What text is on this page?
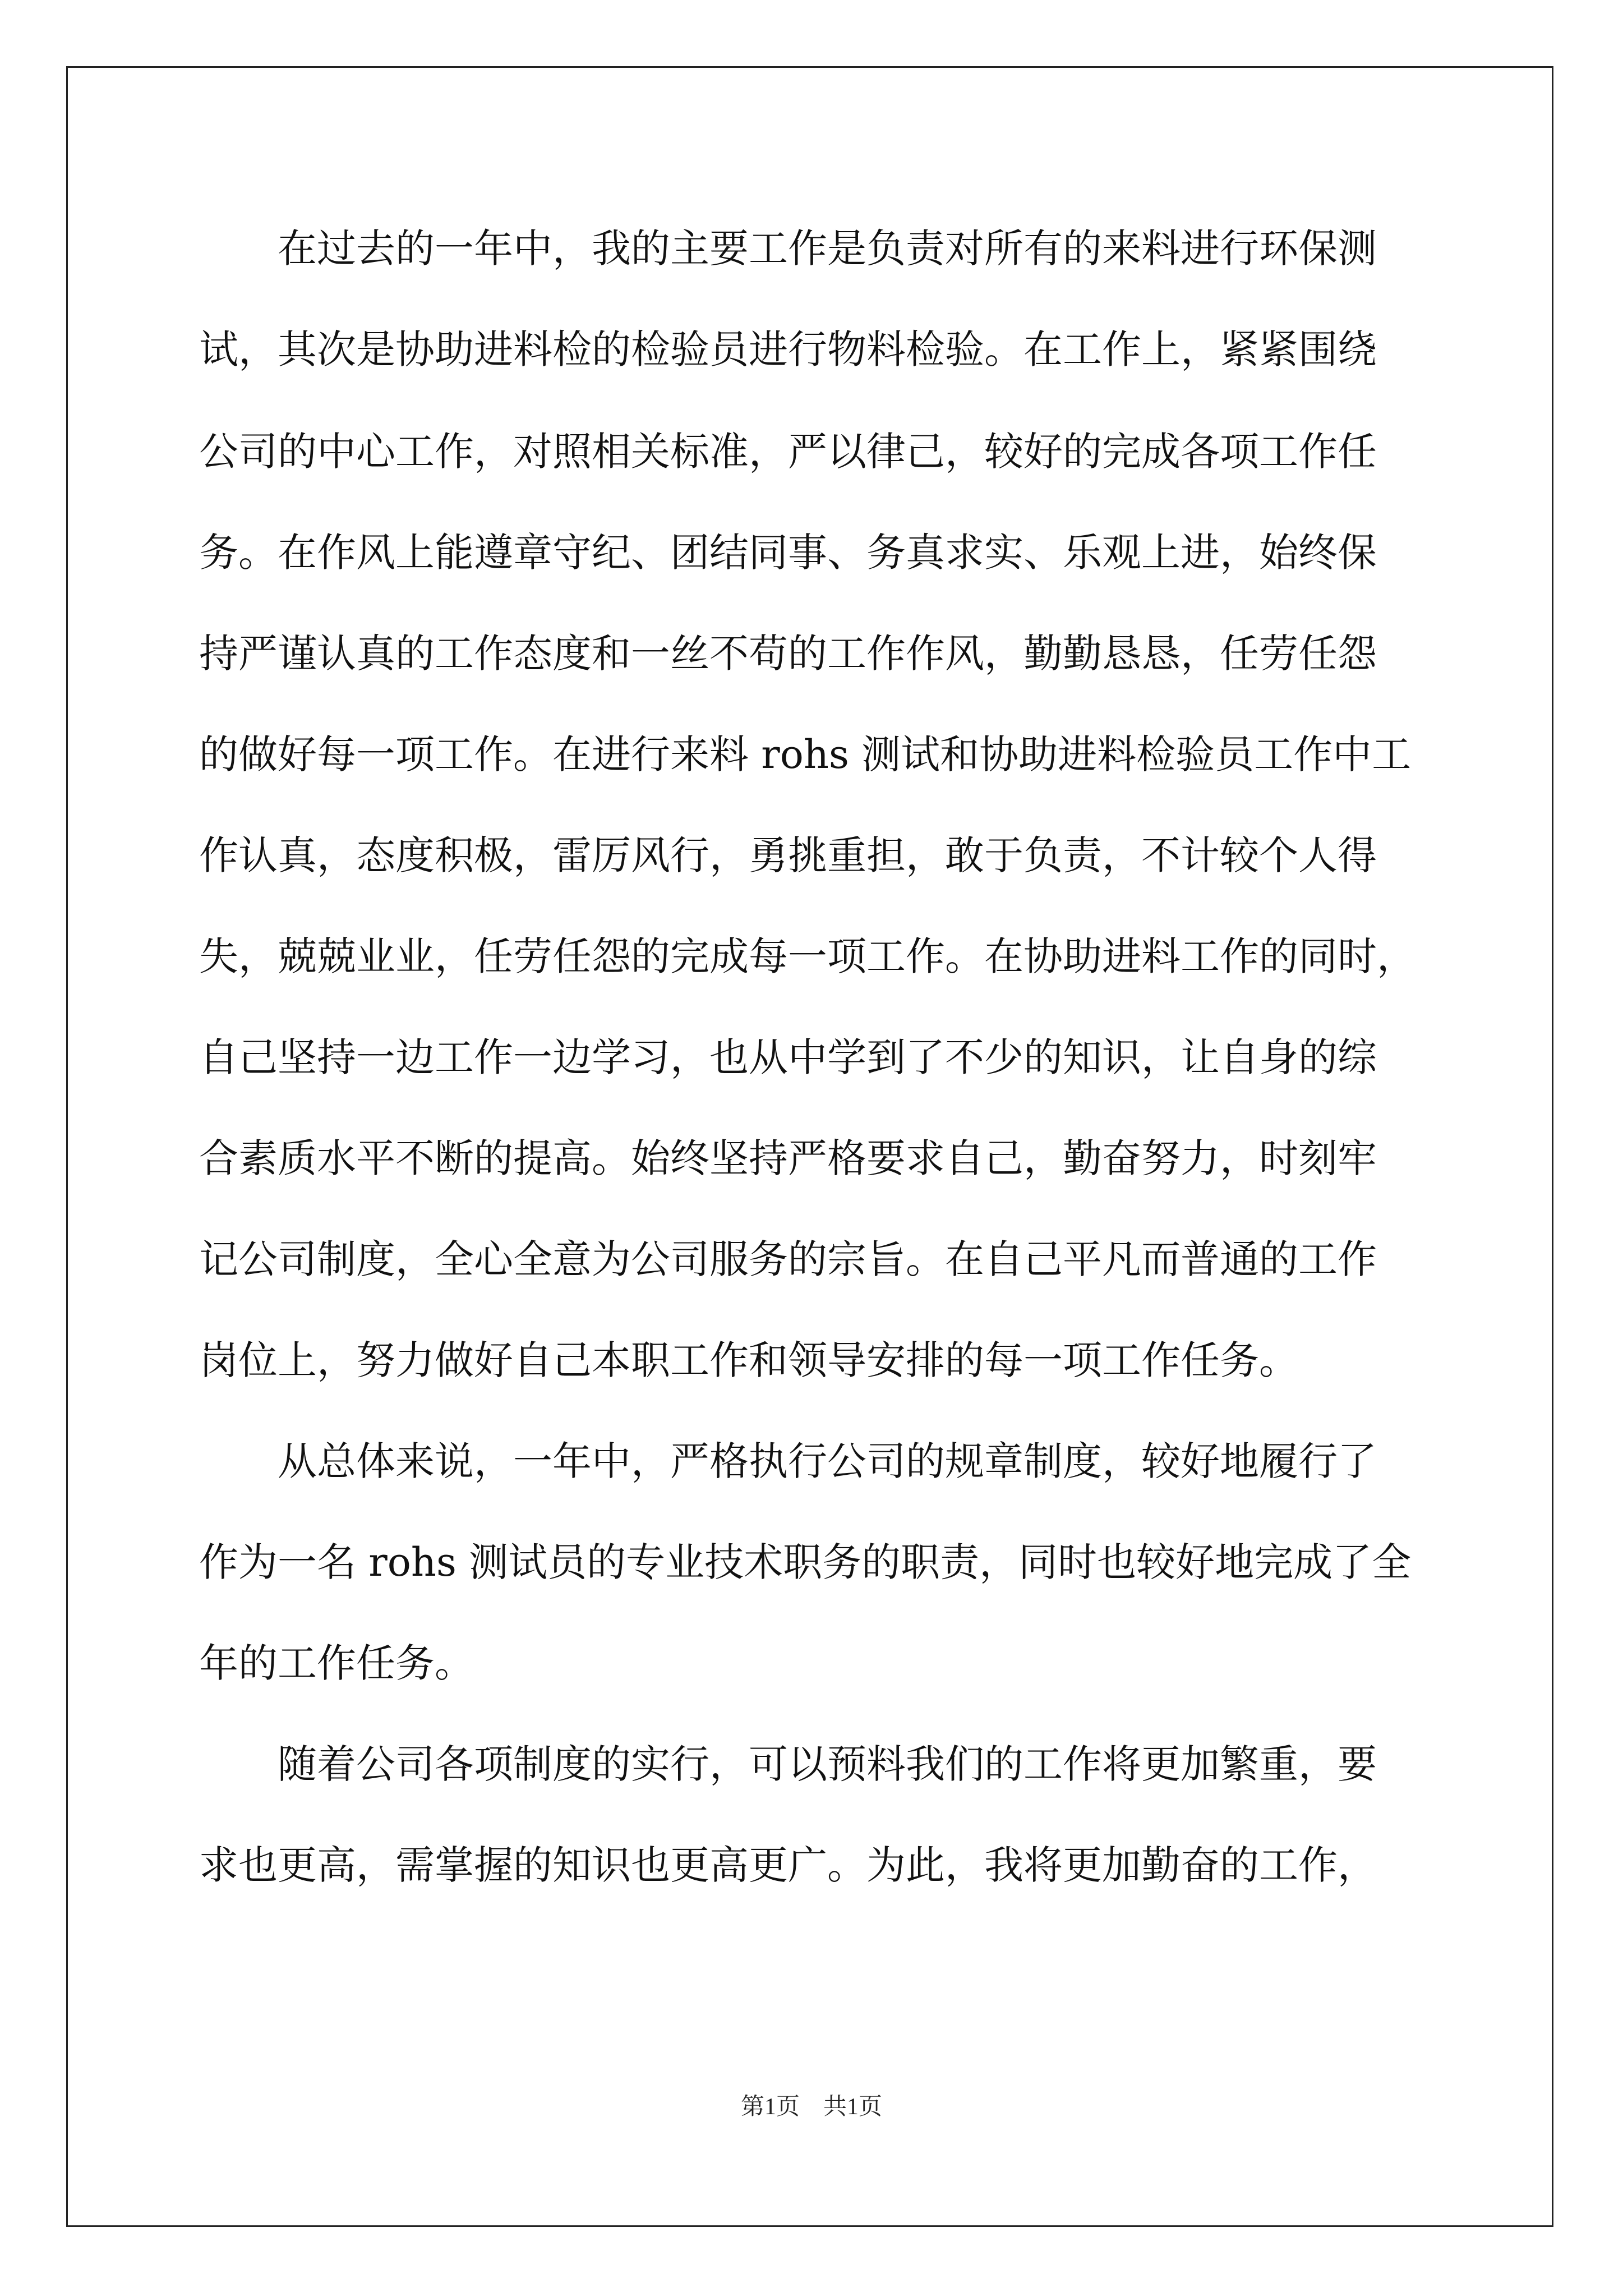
　　在过去的一年中，我的主要工作是负责对所有的来料进行环保测
试，其次是协助进料检的检验员进行物料检验。在工作上，紧紧围绕
公司的中心工作，对照相关标准，严以律己，较好的完成各项工作任
务。在作风上能遵章守纪、团结同事、务真求实、乐观上进，始终保
持严谨认真的工作态度和一丝不苟的工作作风，勤勤恳恳，任劳任怨
的做好每一项工作。在进行来料 rohs 测试和协助进料检验员工作中工
作认真，态度积极，雷厉风行，勇挑重担，敢于负责，不计较个人得
失，兢兢业业，任劳任怨的完成每一项工作。在协助进料工作的同时，
自己坚持一边工作一边学习，也从中学到了不少的知识，让自身的综
合素质水平不断的提高。始终坚持严格要求自己，勤奋努力，时刻牢
记公司制度，全心全意为公司服务的宗旨。在自己平凡而普通的工作
岗位上，努力做好自己本职工作和领导安排的每一项工作任务。
　　从总体来说，一年中，严格执行公司的规章制度，较好地履行了
作为一名 rohs 测试员的专业技术职务的职责，同时也较好地完成了全
年的工作任务。
　　随着公司各项制度的实行，可以预料我们的工作将更加繁重，要
求也更高，需掌握的知识也更高更广。为此，我将更加勤奋的工作，
第1页　共1页
